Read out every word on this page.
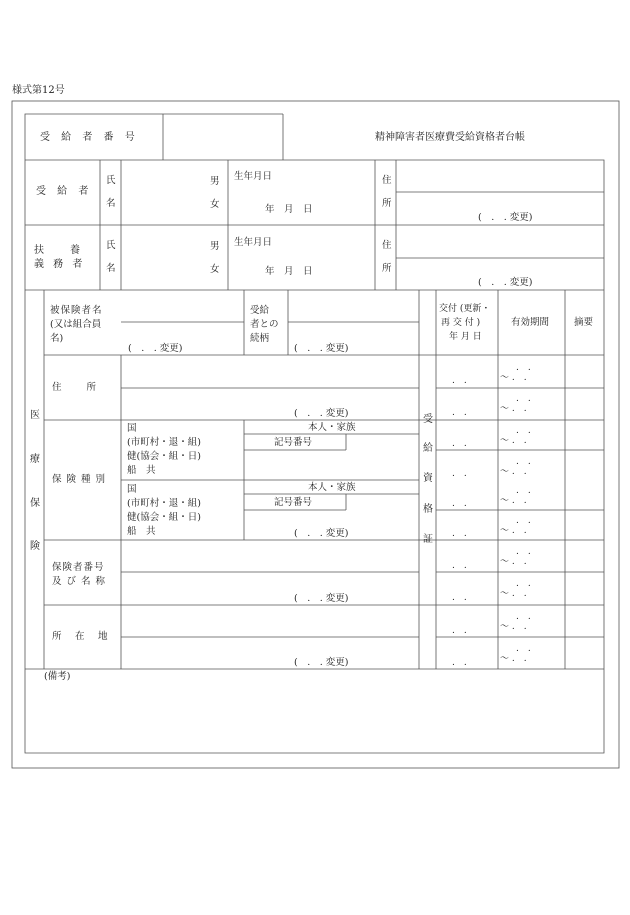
様式第12号
受 給 者 番 号	精神障害者医療費受給資格者台帳
受 給 者
氏
名
男
女
生年月日
年　月　日
住
所
(　.　. 変更)
扶　　養
義 務 者
氏
名
男
女
生年月日
年　月　日
住
所
(　.　. 変更)
医
療
保
険
被保険者名
(又は組合員
名)
(　.　. 変更)
受給
者との
続柄
(　.　. 変更)
住　　所
(　.　. 変更)
保 険 種 別
国
(市町村・退・組)
健(協会・組・日)
船　共
本人・家族
記号番号
国
(市町村・退・組)
健(協会・組・日)
船　共
本人・家族
記号番号
(　.　. 変更)
保険者番号
及 び 名 称
(　.　. 変更)
所　在　地
(　.　. 変更)
受
給
資
格
証
交付 (更新・
再 交 付 )
年 月 日
有効期間	摘要
.　.
.　.
～ .　.
.　.
.　.
～ .　.
.　.
.　.
～ .　.
.　.
.　.
～ .　.
.　.
.　.
～ .　.
.　.
.　.
～ .　.
.　.
.　.
～ .　.
.　.
.　.
～ .　.
.　.
.　.
～ .　.
.　.
.　.
～ .　.
(備考)
